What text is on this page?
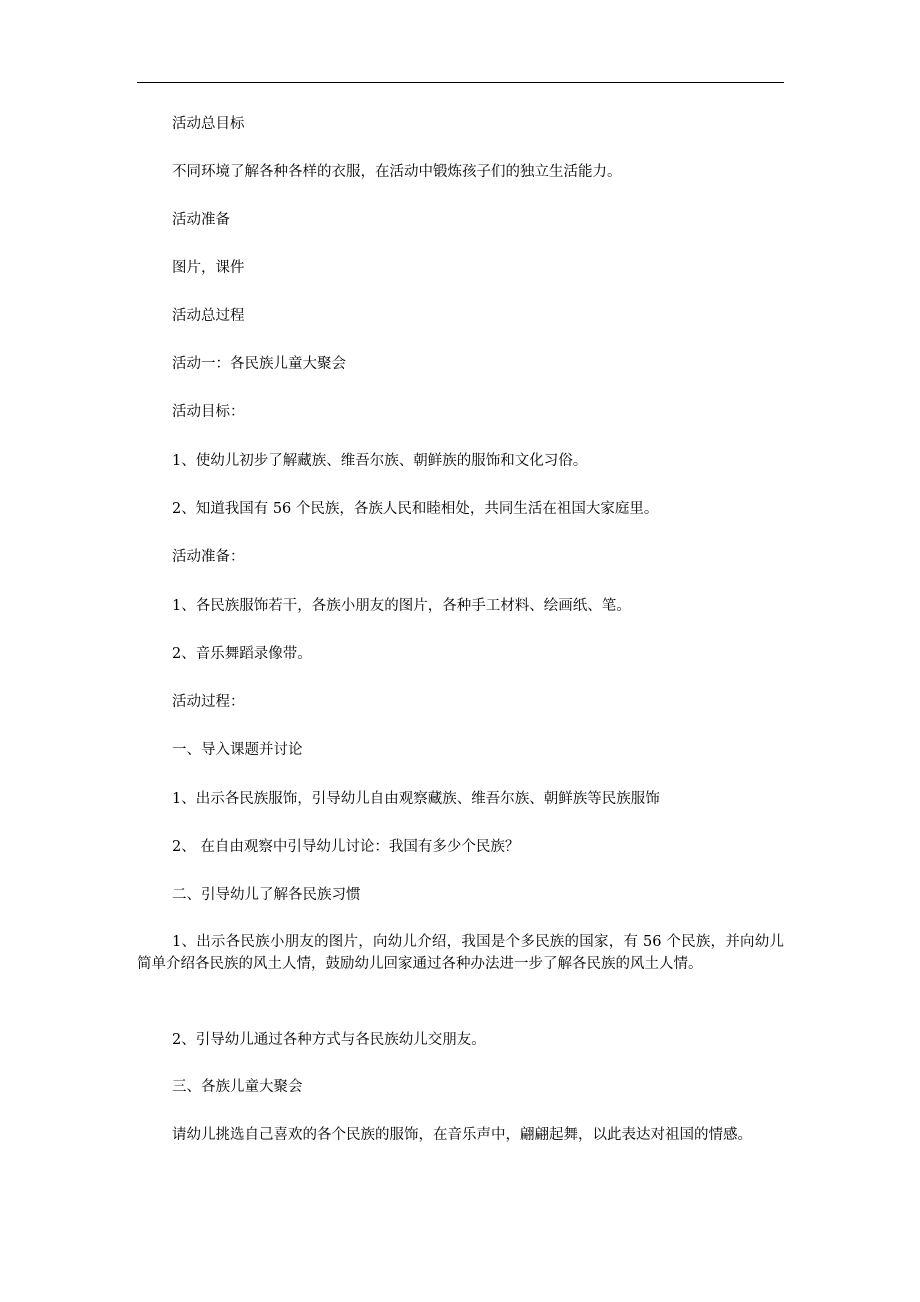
活动总目标
不同环境了解各种各样的衣服，在活动中锻炼孩子们的独立生活能力。
活动准备
图片，课件
活动总过程
活动一：各民族儿童大聚会
活动目标：
1、使幼儿初步了解藏族、维吾尔族、朝鲜族的服饰和文化习俗。
2、知道我国有 56 个民族，各族人民和睦相处，共同生活在祖国大家庭里。
活动准备：
1、各民族服饰若干，各族小朋友的图片，各种手工材料、绘画纸、笔。
2、音乐舞蹈录像带。
活动过程：
一、导入课题并讨论
1、出示各民族服饰，引导幼儿自由观察藏族、维吾尔族、朝鲜族等民族服饰
2、 在自由观察中引导幼儿讨论：我国有多少个民族？
二、引导幼儿了解各民族习惯
1、出示各民族小朋友的图片，向幼儿介绍，我国是个多民族的国家，有 56 个民族，并向幼儿简单介绍各民族的风土人情，鼓励幼儿回家通过各种办法进一步了解各民族的风土人情。
2、引导幼儿通过各种方式与各民族幼儿交朋友。
三、各族儿童大聚会
请幼儿挑选自己喜欢的各个民族的服饰，在音乐声中，翩翩起舞，以此表达对祖国的情感。
